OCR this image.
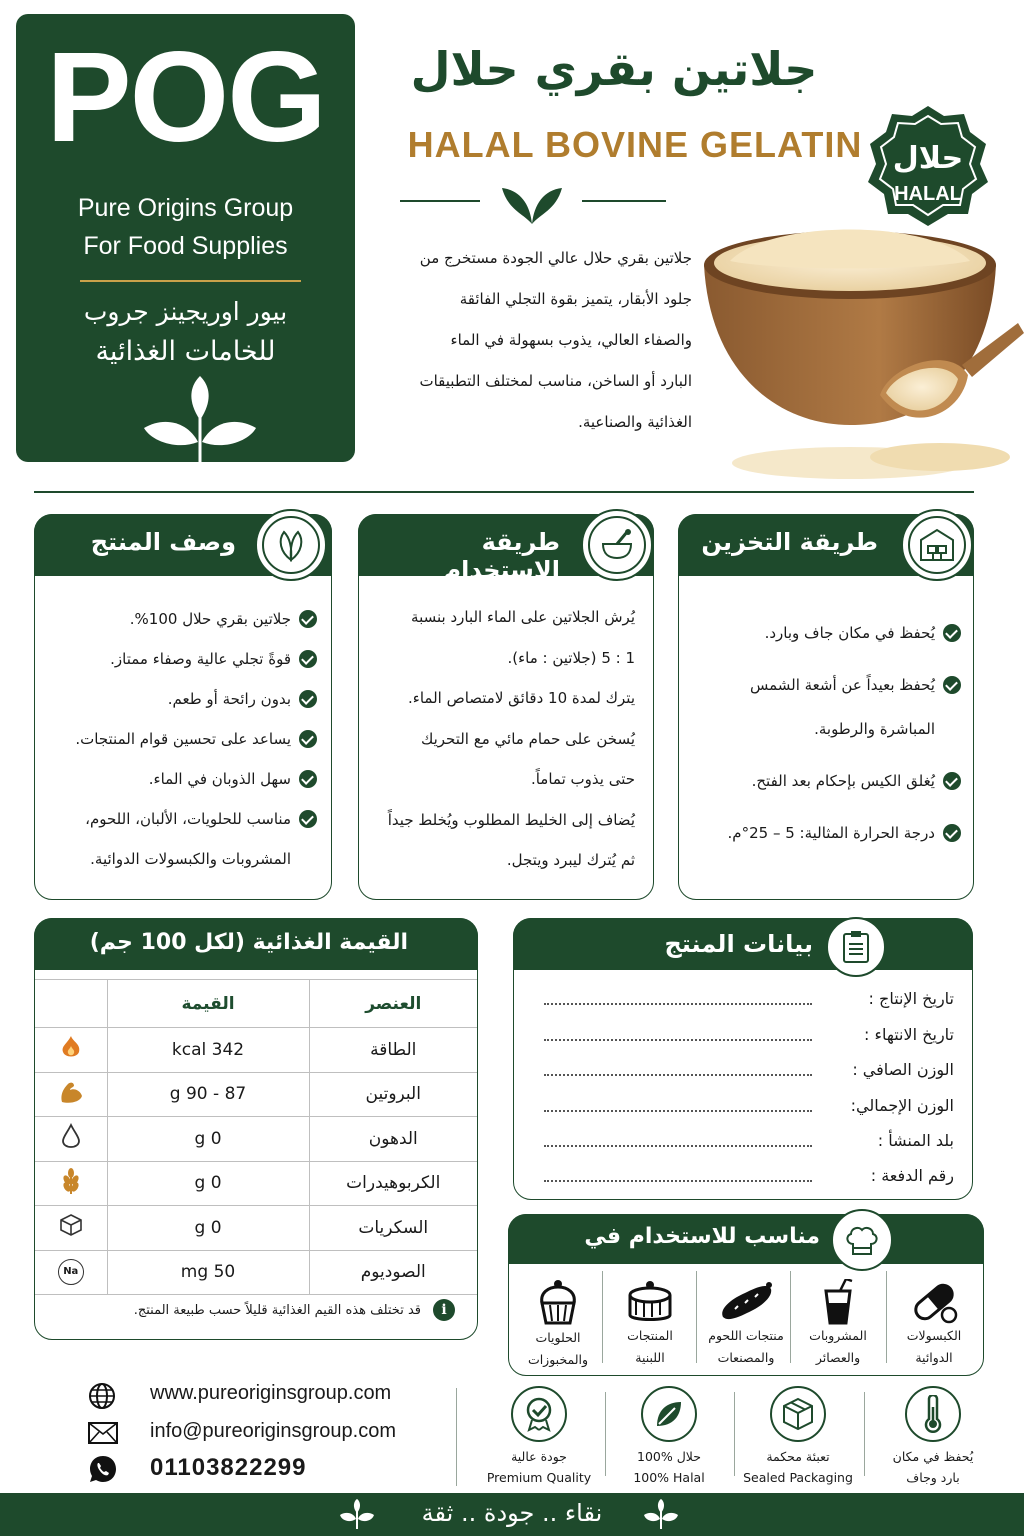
POG
Pure Origins Group
For Food Supplies
بيور اوريجينز جروب
للخامات الغذائية
جلاتين بقري حلال
HALAL BOVINE GELATIN حلال
HALAL
جلاتين بقري حلال عالي الجودة مستخرج من
جلود الأبقار، يتميز بقوة التجلي الفائقة
والصفاء العالي، يذوب بسهولة في الماء
البارد أو الساخن، مناسب لمختلف التطبيقات
الغذائية والصناعية.
وصف المنتج
جلاتين بقري حلال 100%.
قوةً تجلي عالية وصفاء ممتاز.
بدون رائحة أو طعم.
يساعد على تحسين قوام المنتجات.
سهل الذوبان في الماء.
مناسب للحلويات، الألبان، اللحوم،
المشروبات والكبسولات الدوائية.
طريقة الاستخدام
يُرش الجلاتين على الماء البارد بنسبة
1 : 5 (جلاتين : ماء).
يترك لمدة 10 دقائق لامتصاص الماء.
يُسخن على حمام مائي مع التحريك
حتى يذوب تماماً.
يُضاف إلى الخليط المطلوب ويُخلط جيداً
ثم يُترك ليبرد ويتجل.
طريقة التخزين
يُحفظ في مكان جاف وبارد.
يُحفظ بعيداً عن أشعة الشمس
المباشرة والرطوبة.
يُغلق الكيس بإحكام بعد الفتح.
درجة الحرارة المثالية: 5 – 25°م.
القيمة الغذائية (لكل 100 جم)
العنصر	القيمة	
الطاقة	342 kcal	
البروتين	87 - 90 g	
الدهون	0 g	
الكربوهيدرات	0 g	
السكريات	0 g	
الصوديوم	50 mg	Na
قد تختلف هذه القيم الغذائية قليلاً حسب طبيعة المنتج.	i
بيانات المنتج
تاريخ الإنتاج :
تاريخ الانتهاء :
الوزن الصافي :
الوزن الإجمالي:
بلد المنشأ :
رقم الدفعة :
مناسب للاستخدام في
الكبسولات
الدوائية
المشروبات
والعصائر
منتجات اللحوم
والمصنعات
المنتجات
اللبنية
الحلويات
والمخبوزات
www.pureoriginsgroup.com
info@pureoriginsgroup.com
01103822299	جودة عالية
Premium Quality
100% حلال
100% Halal
تعبئة محكمة
Sealed Packaging
يُحفظ في مكان
بارد وجاف
نقاء .. جودة .. ثقة
